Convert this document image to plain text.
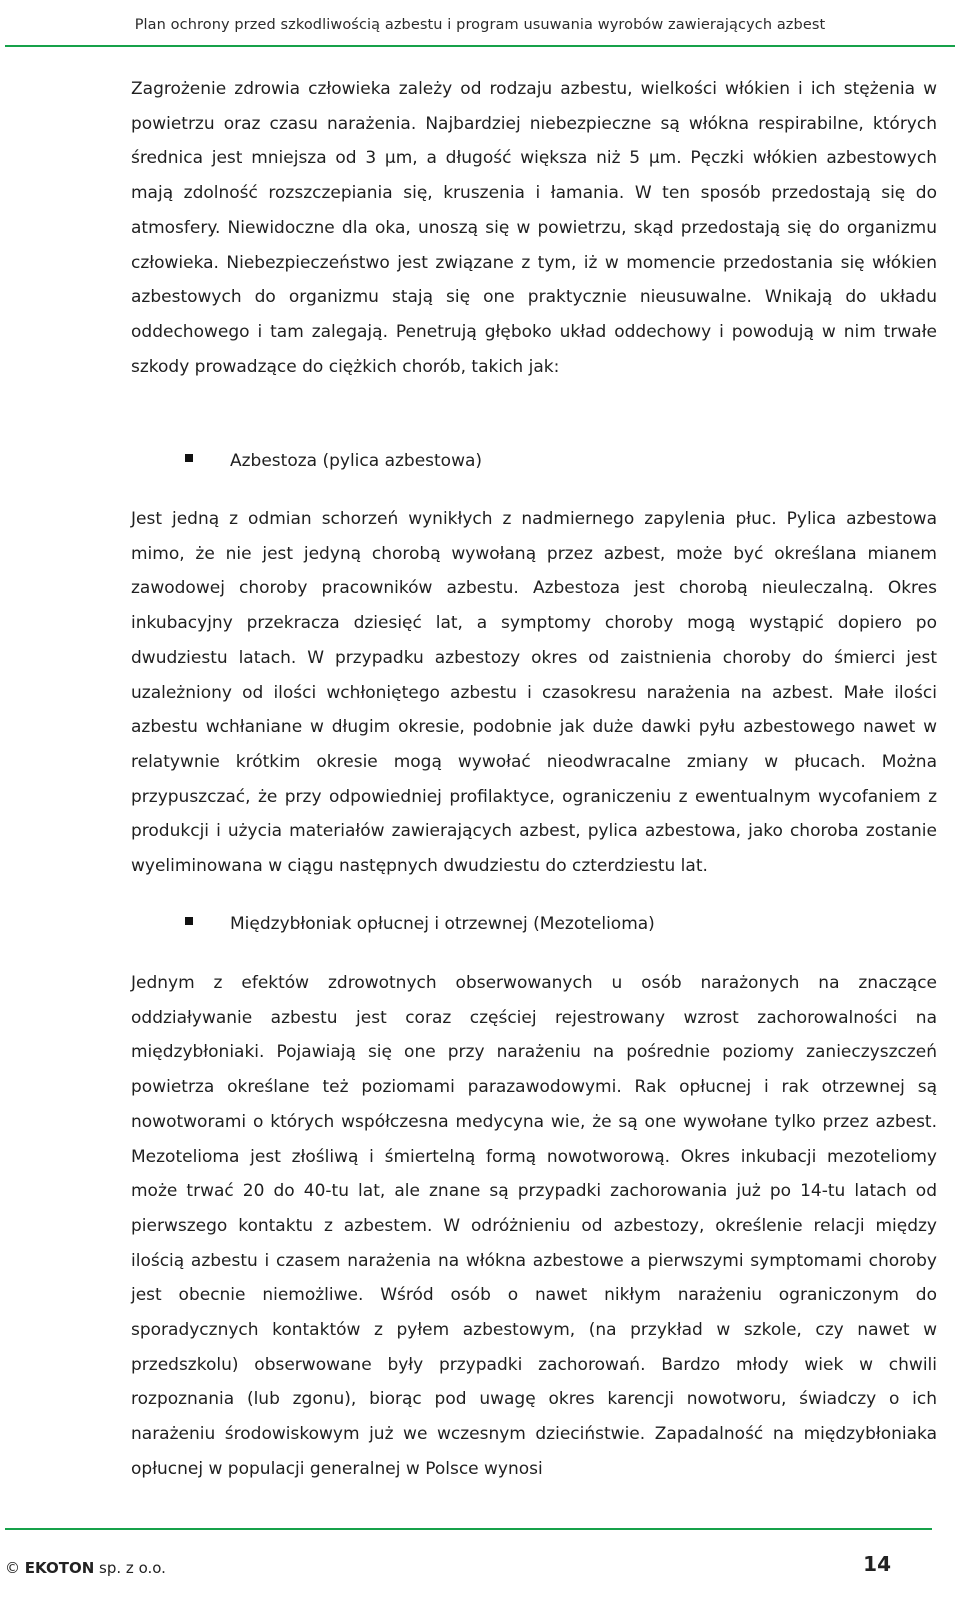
Plan ochrony przed szkodliwością azbestu i program usuwania wyrobów zawierających azbest
Zagrożenie zdrowia człowieka zależy od rodzaju azbestu, wielkości włókien i ich stężenia w powietrzu oraz czasu narażenia. Najbardziej niebezpieczne są włókna respirabilne, których średnica jest mniejsza od 3 μm, a długość większa niż 5 μm. Pęczki włókien azbestowych mają zdolność rozszczepiania się, kruszenia i łamania. W ten sposób przedostają się do atmosfery. Niewidoczne dla oka, unoszą się w powietrzu, skąd przedostają się do organizmu człowieka. Niebezpieczeństwo jest związane z tym, iż w momencie przedostania się włókien azbestowych do organizmu stają się one praktycznie nieusuwalne. Wnikają do układu oddechowego i tam zalegają. Penetrują głęboko układ oddechowy i powodują w nim trwałe szkody prowadzące do ciężkich chorób, takich jak:
Azbestoza (pylica azbestowa)
Jest jedną z odmian schorzeń wynikłych z nadmiernego zapylenia płuc. Pylica azbestowa mimo, że nie jest jedyną chorobą wywołaną przez azbest, może być określana mianem zawodowej choroby pracowników azbestu. Azbestoza jest chorobą nieuleczalną. Okres inkubacyjny przekracza dziesięć lat, a symptomy choroby mogą wystąpić dopiero po dwudziestu latach. W przypadku azbestozy okres od zaistnienia choroby do śmierci jest uzależniony od ilości wchłoniętego azbestu i czasokresu narażenia na azbest. Małe ilości azbestu wchłaniane w długim okresie, podobnie jak duże dawki pyłu azbestowego nawet w relatywnie krótkim okresie mogą wywołać nieodwracalne zmiany w płucach. Można przypuszczać, że przy odpowiedniej profilaktyce, ograniczeniu z ewentualnym wycofaniem z produkcji i użycia materiałów zawierających azbest, pylica azbestowa, jako choroba zostanie wyeliminowana w ciągu następnych dwudziestu do czterdziestu lat.
Międzybłoniak opłucnej i otrzewnej (Mezotelioma)
Jednym z efektów zdrowotnych obserwowanych u osób narażonych na znaczące oddziaływanie azbestu jest coraz częściej rejestrowany wzrost zachorowalności na międzybłoniaki. Pojawiają się one przy narażeniu na pośrednie poziomy zanieczyszczeń powietrza określane też poziomami parazawodowymi. Rak opłucnej i rak otrzewnej są nowotworami o których współczesna medycyna wie, że są one wywołane tylko przez azbest. Mezotelioma jest złośliwą i śmiertelną formą nowotworową. Okres inkubacji mezoteliomy może trwać 20 do 40-tu lat, ale znane są przypadki zachorowania już po 14-tu latach od pierwszego kontaktu z azbestem. W odróżnieniu od azbestozy, określenie relacji między ilością azbestu i czasem narażenia na włókna azbestowe a pierwszymi symptomami choroby jest obecnie niemożliwe. Wśród osób o nawet nikłym narażeniu ograniczonym do sporadycznych kontaktów z pyłem azbestowym, (na przykład w szkole, czy nawet w przedszkolu) obserwowane były przypadki zachorowań. Bardzo młody wiek w chwili rozpoznania (lub zgonu), biorąc pod uwagę okres karencji nowotworu, świadczy o ich narażeniu środowiskowym już we wczesnym dzieciństwie. Zapadalność na międzybłoniaka opłucnej w populacji generalnej w Polsce wynosi
© EKOTON sp. z o.o.	14
